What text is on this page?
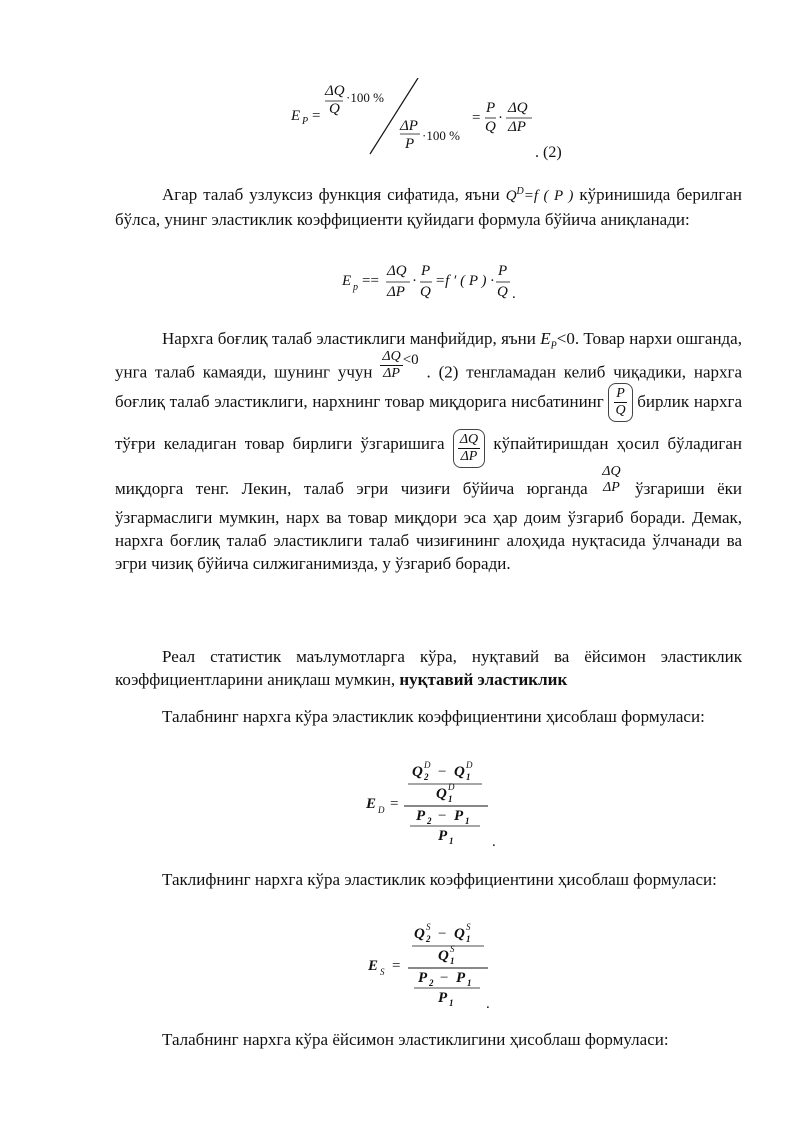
E P =
ΔQ
Q
·100 %
ΔP
P
·100 %
=
P
Q
·
ΔQ
ΔP
. (2)

Агар талаб узлуксиз функция сифатида, яъни $Q^D=f$ ( P ) кўринишида берилган бўлса, унинг эластиклик коэффициенти қуйидаги формула бўйича аниқланади:

E p ==
ΔQ
ΔP
·
P
Q
=f ′ ( P ) ·
P
Q .

Нархга боғлиқ талаб эластиклиги манфийдир, яъни $E_P<0$. Товар нархи ошганда, унга талаб камаяди, шунинг учун $\frac{\Delta Q}{\Delta P} <0$ . (2) тенгламадан келиб чиқадики, нархга боғлиқ талаб эластиклиги, нархнинг товар миқдорига нисбатининг $\frac{P}{Q}$ бирлик нархга тўғри келадиган товар бирлиги ўзгаришига $\frac{\Delta Q}{\Delta P}$ кўпайтиришдан ҳосил бўладиган миқдорга тенг. Лекин, талаб эгри чизиғи бўйича юрганда
ΔQ
ΔP ўзгариши ёки ўзгармаслиги мумкин, нарх ва товар миқдори эса ҳар доим ўзгариб боради. Демак, нархга боғлиқ талаб эластиклиги талаб чизиғининг алоҳида нуқтасида ўлчанади ва эгри чизиқ бўйича силжиганимизда, у ўзгариб боради.

Реал статистик маълумотларга кўра, нуқтавий ва ёйсимон эластиклик коэффициентларини аниқлаш мумкин, нуқтавий эластиклик

Талабнинг нархга кўра эластиклик коэффициентини ҳисоблаш формуласи:

E D =
Q D
2 − Q D
1
Q D
1
P 2 − P 1
P 1	.

Таклифнинг нархга кўра эластиклик коэффициентини ҳисоблаш формуласи:

E S =
Q S
2 − Q S
1
Q S
1
P 2 − P 1
P 1 .

Талабнинг нархга кўра ёйсимон эластиклигини ҳисоблаш формуласи:
